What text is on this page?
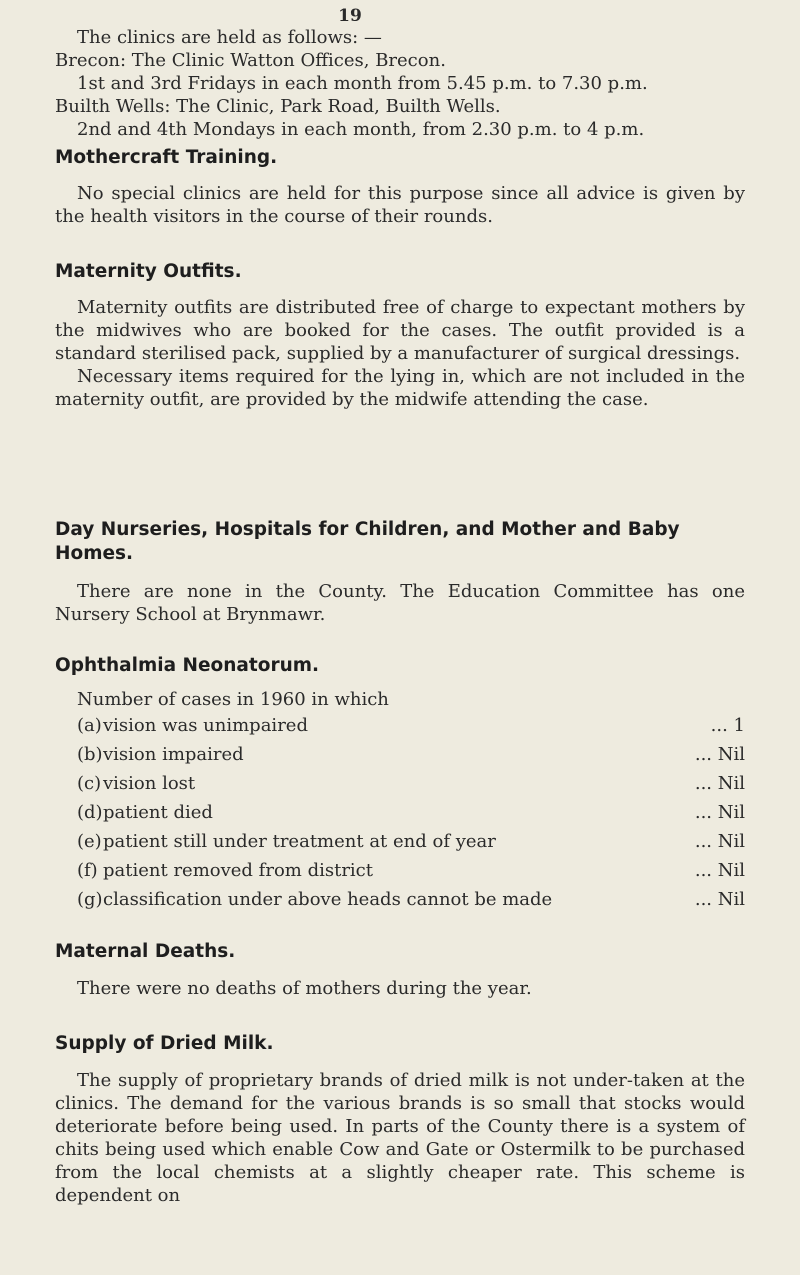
19

The clinics are held as follows: —

Brecon: The Clinic Watton Offices, Brecon.

1st and 3rd Fridays in each month from 5.45 p.m. to 7.30 p.m.

Builth Wells: The Clinic, Park Road, Builth Wells.

2nd and 4th Mondays in each month, from 2.30 p.m. to 4 p.m.

Mothercraft Training.

No special clinics are held for this purpose since all advice is given by the health visitors in the course of their rounds.

Maternity Outfits.

Maternity outfits are distributed free of charge to expectant mothers by the midwives who are booked for the cases. The outfit provided is a standard sterilised pack, supplied by a manufacturer of surgical dressings.

Necessary items required for the lying in, which are not included in the maternity outfit, are provided by the midwife attending the case.

Day Nurseries, Hospitals for Children, and Mother and Baby Homes.

There are none in the County. The Education Committee has one Nursery School at Brynmawr.

Ophthalmia Neonatorum.

Number of cases in 1960 in which

(a) vision was unimpaired	... 1
(b) vision impaired	... Nil
(c) vision lost	... Nil
(d) patient died	... Nil
(e) patient still under treatment at end of year	... Nil
(f) patient removed from district	... Nil
(g) classification under above heads cannot be made	... Nil
Maternal Deaths.

There were no deaths of mothers during the year.

Supply of Dried Milk.

The supply of proprietary brands of dried milk is not under-taken at the clinics. The demand for the various brands is so small that stocks would deteriorate before being used. In parts of the County there is a system of chits being used which enable Cow and Gate or Ostermilk to be purchased from the local chemists at a slightly cheaper rate. This scheme is dependent on
